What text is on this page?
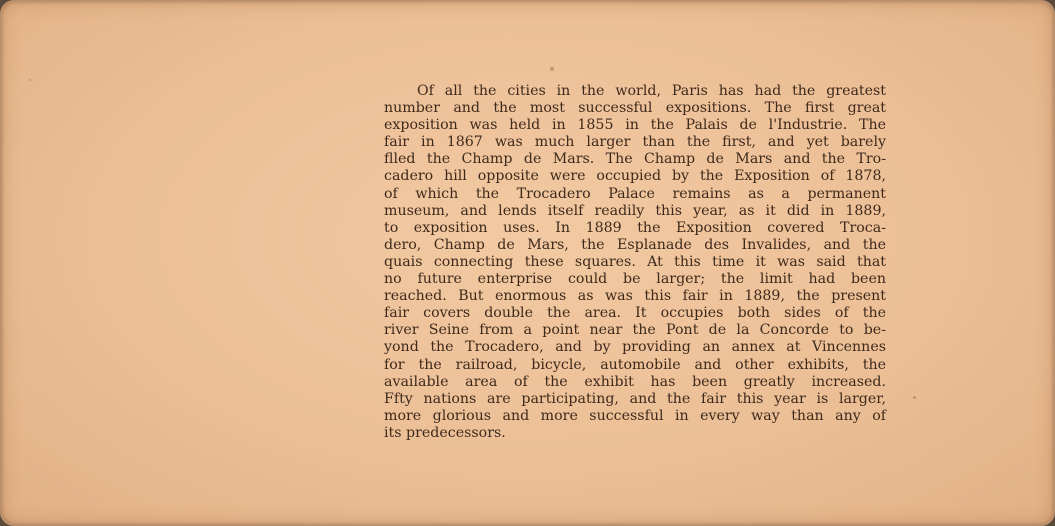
Of all the cities in the world, Paris has had the greatest
number and the most successful expositions. The first great
exposition was held in 1855 in the Palais de l'Industrie. The
fair in 1867 was much larger than the first, and yet barely
flled the Champ de Mars. The Champ de Mars and the Tro-
cadero hill opposite were occupied by the Exposition of 1878,
of which the Trocadero Palace remains as a permanent
museum, and lends itself readily this year, as it did in 1889,
to exposition uses. In 1889 the Exposition covered Troca-
dero, Champ de Mars, the Esplanade des Invalides, and the
quais connecting these squares. At this time it was said that
no future enterprise could be larger; the limit had been
reached. But enormous as was this fair in 1889, the present
fair covers double the area. It occupies both sides of the
river Seine from a point near the Pont de la Concorde to be-
yond the Trocadero, and by providing an annex at Vincennes
for the railroad, bicycle, automobile and other exhibits, the
available area of the exhibit has been greatly increased.
Ffty nations are participating, and the fair this year is larger,
more glorious and more successful in every way than any of
its predecessors.
